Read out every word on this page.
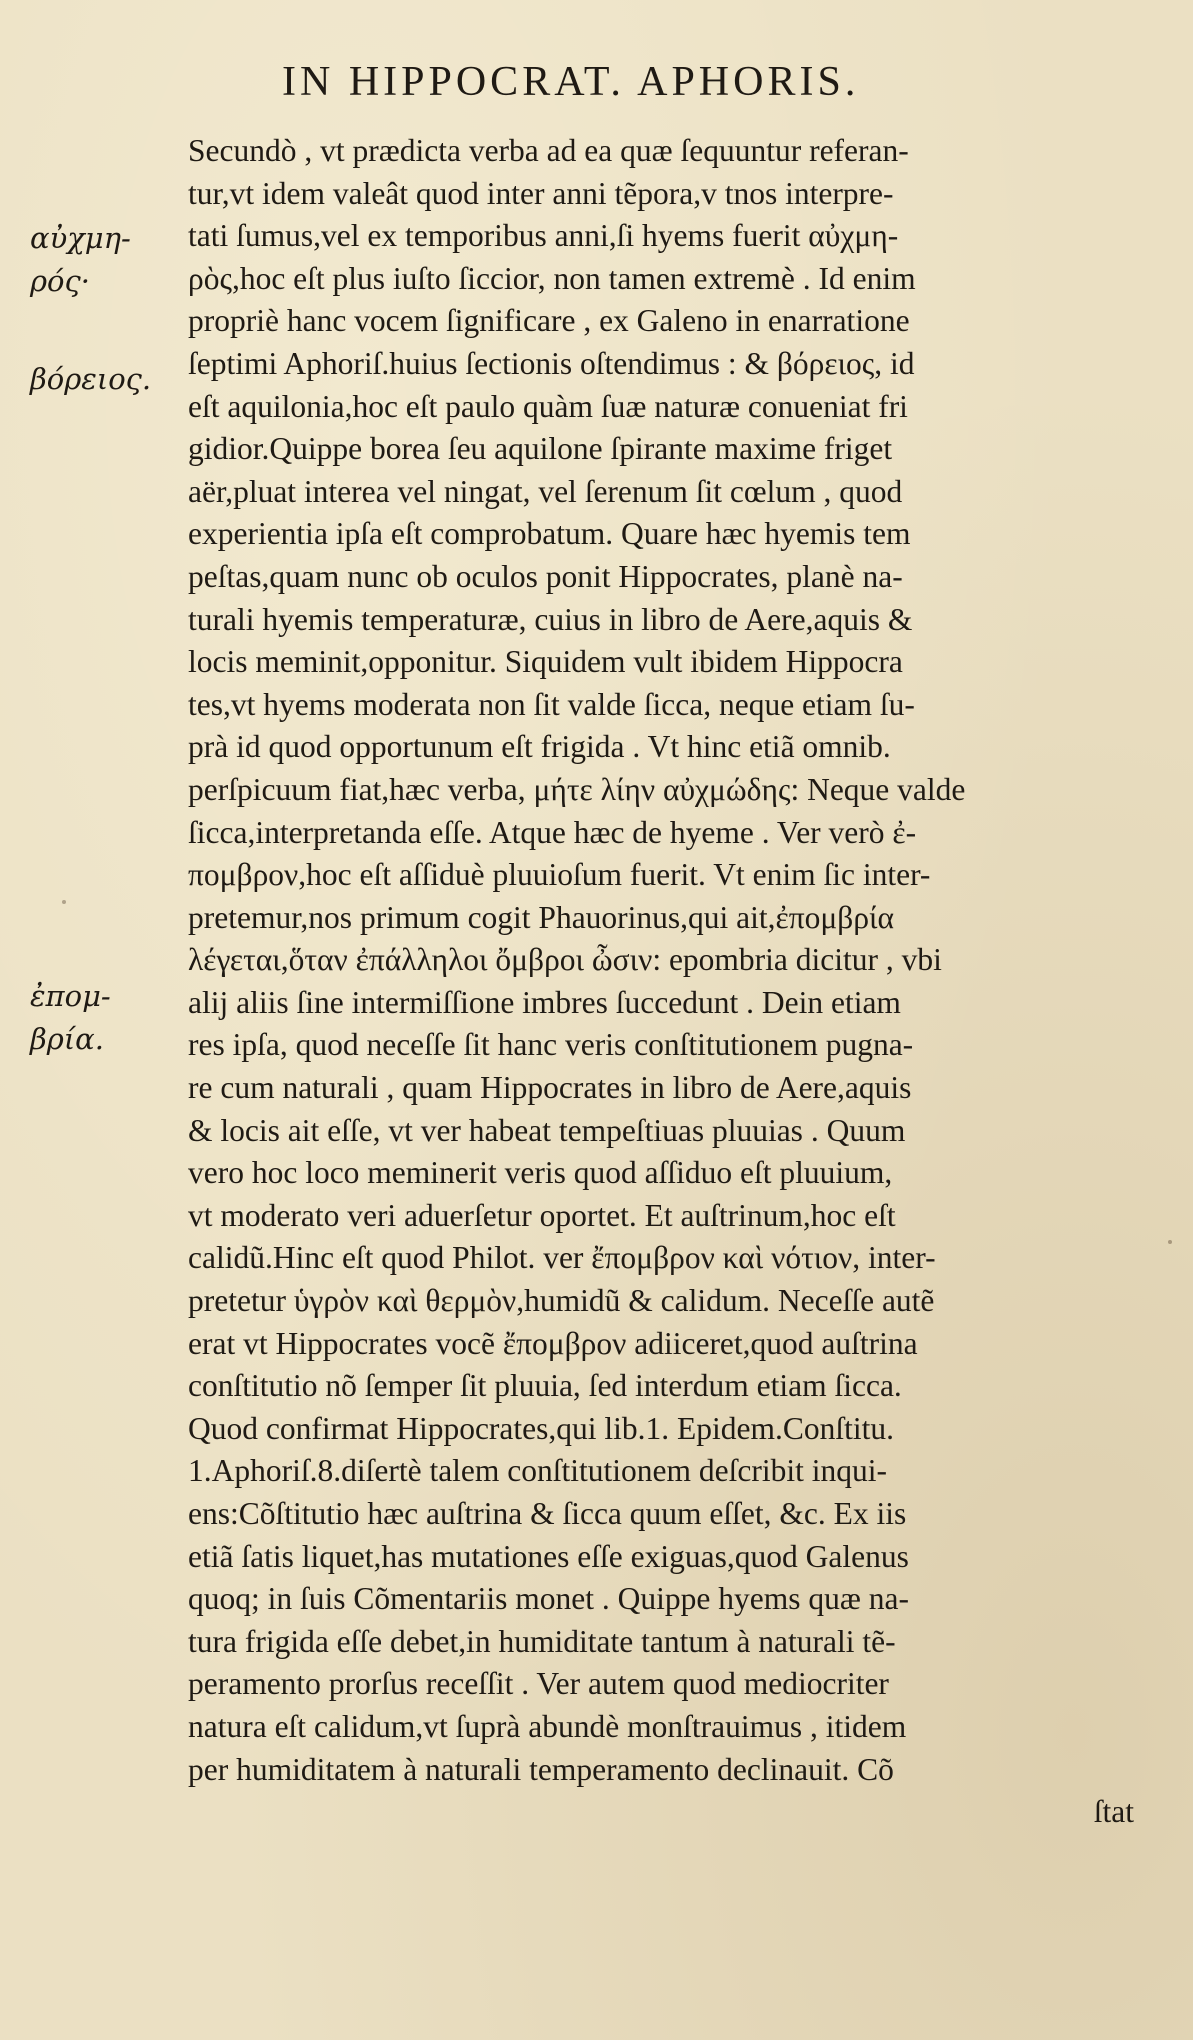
IN HIPPOCRAT. APHORIS.
αὐχμη-
ρός·
βόρειος.
ἐπομ-
βρία.
Secundò , vt prædicta verba ad ea quæ ſequuntur referan-
tur,vt idem valeât quod inter anni tẽpora,v tnos interpre-
tati ſumus,vel ex temporibus anni,ſi hyems fuerit αὐχμη-
ρὸς,hoc eſt plus iuſto ſiccior, non tamen extremè . Id enim
propriè hanc vocem ſignificare , ex Galeno in enarratione
ſeptimi Aphoriſ.huius ſectionis oſtendimus : & βόρειος, id
eſt aquilonia,hoc eſt paulo quàm ſuæ naturæ conueniat fri
gidior.Quippe borea ſeu aquilone ſpirante maxime friget
aër,pluat interea vel ningat, vel ſerenum ſit cœlum , quod
experientia ipſa eſt comprobatum. Quare hæc hyemis tem
peſtas,quam nunc ob oculos ponit Hippocrates, planè na-
turali hyemis temperaturæ, cuius in libro de Aere,aquis &
locis meminit,opponitur. Siquidem vult ibidem Hippocra
tes,vt hyems moderata non ſit valde ſicca, neque etiam ſu-
prà id quod opportunum eſt frigida . Vt hinc etiã omnib.
perſpicuum fiat,hæc verba, μήτε λίην αὐχμώδης: Neque valde
ſicca,interpretanda eſſe. Atque hæc de hyeme . Ver verò ἐ-
πομβρον,hoc eſt aſſiduè pluuioſum fuerit. Vt enim ſic inter-
pretemur,nos primum cogit Phauorinus,qui ait,ἐπομβρία
λέγεται,ὅταν ἐπάλληλοι ὄμβροι ὦσιν: epombria dicitur , vbi
alij aliis ſine intermiſſione imbres ſuccedunt . Dein etiam
res ipſa, quod neceſſe ſit hanc veris conſtitutionem pugna-
re cum naturali , quam Hippocrates in libro de Aere,aquis
& locis ait eſſe, vt ver habeat tempeſtiuas pluuias . Quum
vero hoc loco meminerit veris quod aſſiduo eſt pluuium,
vt moderato veri aduerſetur oportet. Et auſtrinum,hoc eſt
calidũ.Hinc eſt quod Philot. ver ἔπομβρον καὶ νότιον, inter-
pretetur ὑγρὸν καὶ θερμὸν,humidũ & calidum. Neceſſe autẽ
erat vt Hippocrates vocẽ ἔπομβρον adiiceret,quod auſtrina
conſtitutio nõ ſemper ſit pluuia, ſed interdum etiam ſicca.
Quod confirmat Hippocrates,qui lib.1. Epidem.Conſtitu.
1.Aphoriſ.8.diſertè talem conſtitutionem deſcribit inqui-
ens:Cõſtitutio hæc auſtrina & ſicca quum eſſet, &c. Ex iis
etiã ſatis liquet,has mutationes eſſe exiguas,quod Galenus
quoq; in ſuis Cõmentariis monet . Quippe hyems quæ na-
tura frigida eſſe debet,in humiditate tantum à naturali tẽ-
peramento prorſus receſſit . Ver autem quod mediocriter
natura eſt calidum,vt ſuprà abundè monſtrauimus , itidem
per humiditatem à naturali temperamento declinauit. Cõ
ſtat
